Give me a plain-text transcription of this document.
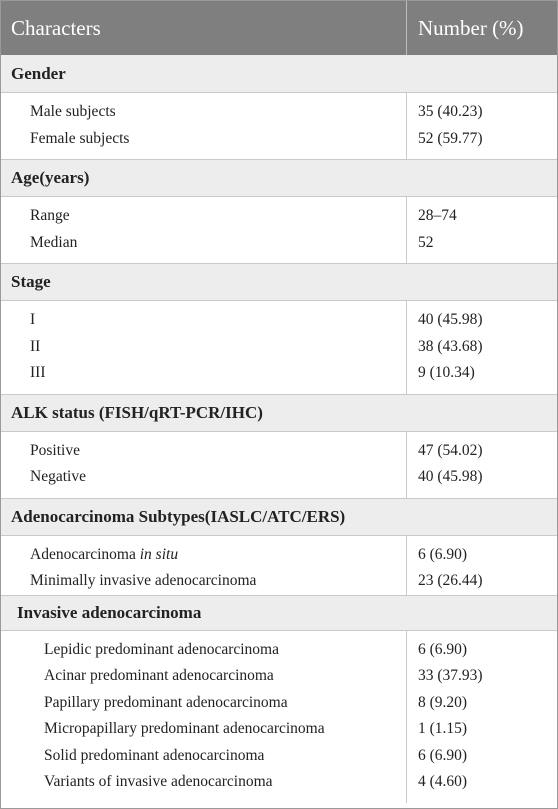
Characters	Number (%)
Gender
Male subjects
Female subjects
35 (40.23)
52 (59.77)
Age(years)
Range
Median
28–74
52
Stage
I
II
III
40 (45.98)
38 (43.68)
9 (10.34)
ALK status (FISH/qRT-PCR/IHC)
Positive
Negative
47 (54.02)
40 (45.98)
Adenocarcinoma Subtypes(IASLC/ATC/ERS)
Adenocarcinoma
in situ
Minimally invasive adenocarcinoma
6 (6.90)
23 (26.44)
Invasive adenocarcinoma
Lepidic predominant adenocarcinoma
Acinar predominant adenocarcinoma
Papillary predominant adenocarcinoma
Micropapillary predominant adenocarcinoma
Solid predominant adenocarcinoma
Variants of invasive adenocarcinoma
6 (6.90)
33 (37.93)
8 (9.20)
1 (1.15)
6 (6.90)
4 (4.60)
